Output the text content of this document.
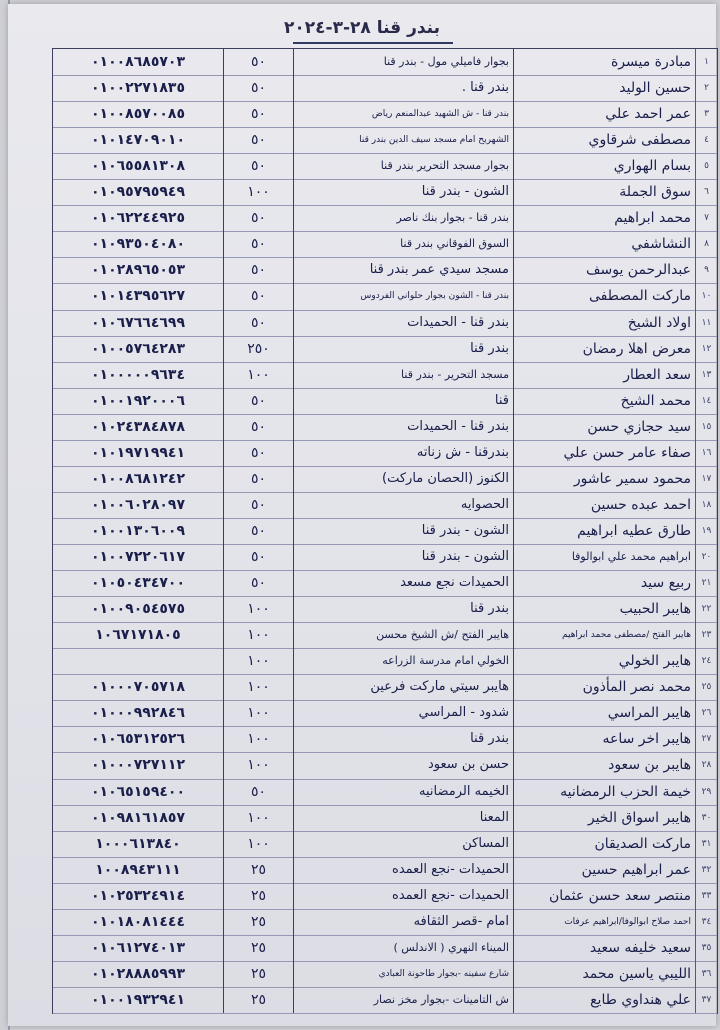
بندر قنا ٢٨-٣-٢٠٢٤
١
مبادرة ميسرة
بجوار فاميلي مول - بندر قنا
٥٠
٠١٠٠٨٦٨٥٧٠٣
٢
حسين الوليد
بندر قنا .
٥٠
٠١٠٠٢٢٧١٨٣٥
٣
عمر احمد علي
بندر قنا - ش الشهيد عبدالمنعم رياض
٥٠
٠١٠٠٨٥٧٠٠٨٥
٤
مصطفى شرقاوي
الشهريح امام مسجد سيف الدين بندر قنا
٥٠
٠١٠١٤٧٠٩٠١٠
٥
بسام الهواري
بجوار مسجد التحرير بندر قنا
٥٠
٠١٠٦٥٥٨١٣٠٨
٦
سوق الجملة
الشون - بندر قنا
١٠٠
٠١٠٩٥٧٩٥٩٤٩
٧
محمد ابراهيم
بندر قنا - بجوار بنك ناصر
٥٠
٠١٠٦٢٢٤٤٩٢٥
٨
النشاشفي
السوق الفوقاني بندر قنا
٥٠
٠١٠٩٣٥٠٤٠٨٠
٩
عبدالرحمن يوسف
مسجد سيدي عمر بندر قنا
٥٠
٠١٠٢٨٩٦٥٠٥٣
١٠
ماركت المصطفى
بندر قنا - الشون بجوار حلواني الفردوس
٥٠
٠١٠١٤٣٩٥٦٢٧
١١
اولاد الشيخ
بندر قنا - الحميدات
٥٠
٠١٠٦٧٦٦٤٦٩٩
١٢
معرض اهلا رمضان
بندر قنا
٢٥٠
٠١٠٠٥٧٦٤٢٨٣
١٣
سعد العطار
مسجد التحرير - بندر قنا
١٠٠
٠١٠٠٠٠٠٩٦٣٤
١٤
محمد الشيخ
قنا
٥٠
٠١٠٠١٩٢٠٠٠٦
١٥
سيد حجازي حسن
بندر قنا - الحميدات
٥٠
٠١٠٢٤٣٨٤٨٧٨
١٦
صفاء عامر حسن علي
بندرقنا - ش زناته
٥٠
٠١٠١٩٧١٩٩٤١
١٧
محمود سمير عاشور
الكنوز (الحصان ماركت)
٥٠
٠١٠٠٨٦٨١٢٤٢
١٨
احمد عبده حسين
الحصوايه
٥٠
٠١٠٠٦٠٢٨٠٩٧
١٩
طارق عطيه ابراهيم
الشون - بندر قنا
٥٠
٠١٠٠١٣٠٦٠٠٩
٢٠
ابراهيم محمد علي ابوالوفا
الشون - بندر قنا
٥٠
٠١٠٠٧٢٢٠٦١٧
٢١
ربيع سيد
الحميدات نجع مسعد
٥٠
٠١٠٥٠٤٣٤٧٠٠
٢٢
هايبر الحبيب
بندر قنا
١٠٠
٠١٠٠٩٠٥٤٥٧٥
٢٣
هايبر الفتح /مصطفى محمد ابراهيم
هايبر الفتح /ش الشيخ محسن
١٠٠
١٠٦٧١٧١٨٠٥
٢٤
هايبر الخولي
الخولي امام مدرسة الزراعه
١٠٠
٢٥
محمد نصر المأذون
هايبر سيتي ماركت فرعين
١٠٠
٠١٠٠٠٧٠٥٧١٨
٢٦
هايبر المراسي
شدود - المراسي
١٠٠
٠١٠٠٠٩٩٢٨٤٦
٢٧
هايبر اخر ساعه
بندر قنا
١٠٠
٠١٠٦٥٣١٢٥٢٦
٢٨
هايبر بن سعود
حسن بن سعود
١٠٠
٠١٠٠٠٧٢٧١١٢
٢٩
خيمة الحزب الرمضانيه
الخيمه الرمضانيه
٥٠
٠١٠٦٥١٥٩٤٠٠
٣٠
هايبر اسواق الخير
المعنا
١٠٠
٠١٠٩٨١٦١٨٥٧
٣١
ماركت الصديقان
المساكن
١٠٠
١٠٠٠٦١٣٨٤٠
٣٢
عمر ابراهيم حسين
الحميدات -نجع العمده
٢٥
١٠٠٨٩٤٣١١١
٣٣
منتصر سعد حسن عثمان
الحميدات -نجع العمده
٢٥
٠١٠٢٥٣٢٤٩١٤
٣٤
احمد صلاح ابوالوفا/ابراهيم عرفات
امام -قصر الثقافه
٢٥
٠١٠١٨٠٨١٤٤٤
٣٥
سعيد خليفه سعيد
الميناء النهري ( الاندلس )
٢٥
٠١٠٦١٢٧٤٠١٣
٣٦
الليبي ياسين محمد
شارع سفينه -بجوار طاحونة العبادي
٢٥
٠١٠٢٨٨٨٥٩٩٣
٣٧
علي هنداوي طايع
ش التامينات -بجوار مخز نصار
٢٥
٠١٠٠١٩٣٢٩٤١
